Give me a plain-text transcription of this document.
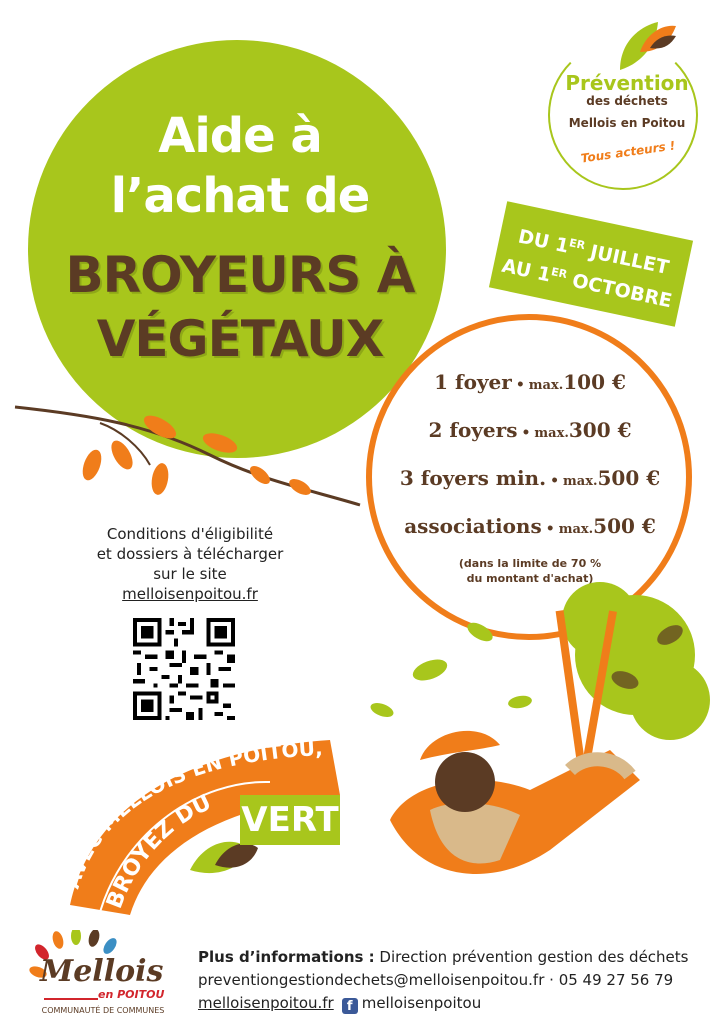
Aide à
l’achat de
BROYEURS À
VÉGÉTAUX
Prévention
des déchets
Mellois en Poitou
Tous acteurs !
DU 1ER JUILLET
AU 1ER OCTOBRE
1 foyer • max.100 €
2 foyers • max.300 €
3 foyers min. • max.500 €
associations • max.500 €
(dans la limite de 70 %
du montant d'achat)
Conditions d'éligibilité
et dossiers à télécharger
sur le site
melloisenpoitou.fr
AVEC MELLOIS EN POITOU,
BROYEZ DU VERT
Mellois
en POITOU
COMMUNAUTÉ DE COMMUNES
Plus d’informations : Direction prévention gestion des déchets
preventiongestiondechets@melloisenpoitou.fr · 05 49 27 56 79
melloisenpoitou.fr f melloisenpoitou
